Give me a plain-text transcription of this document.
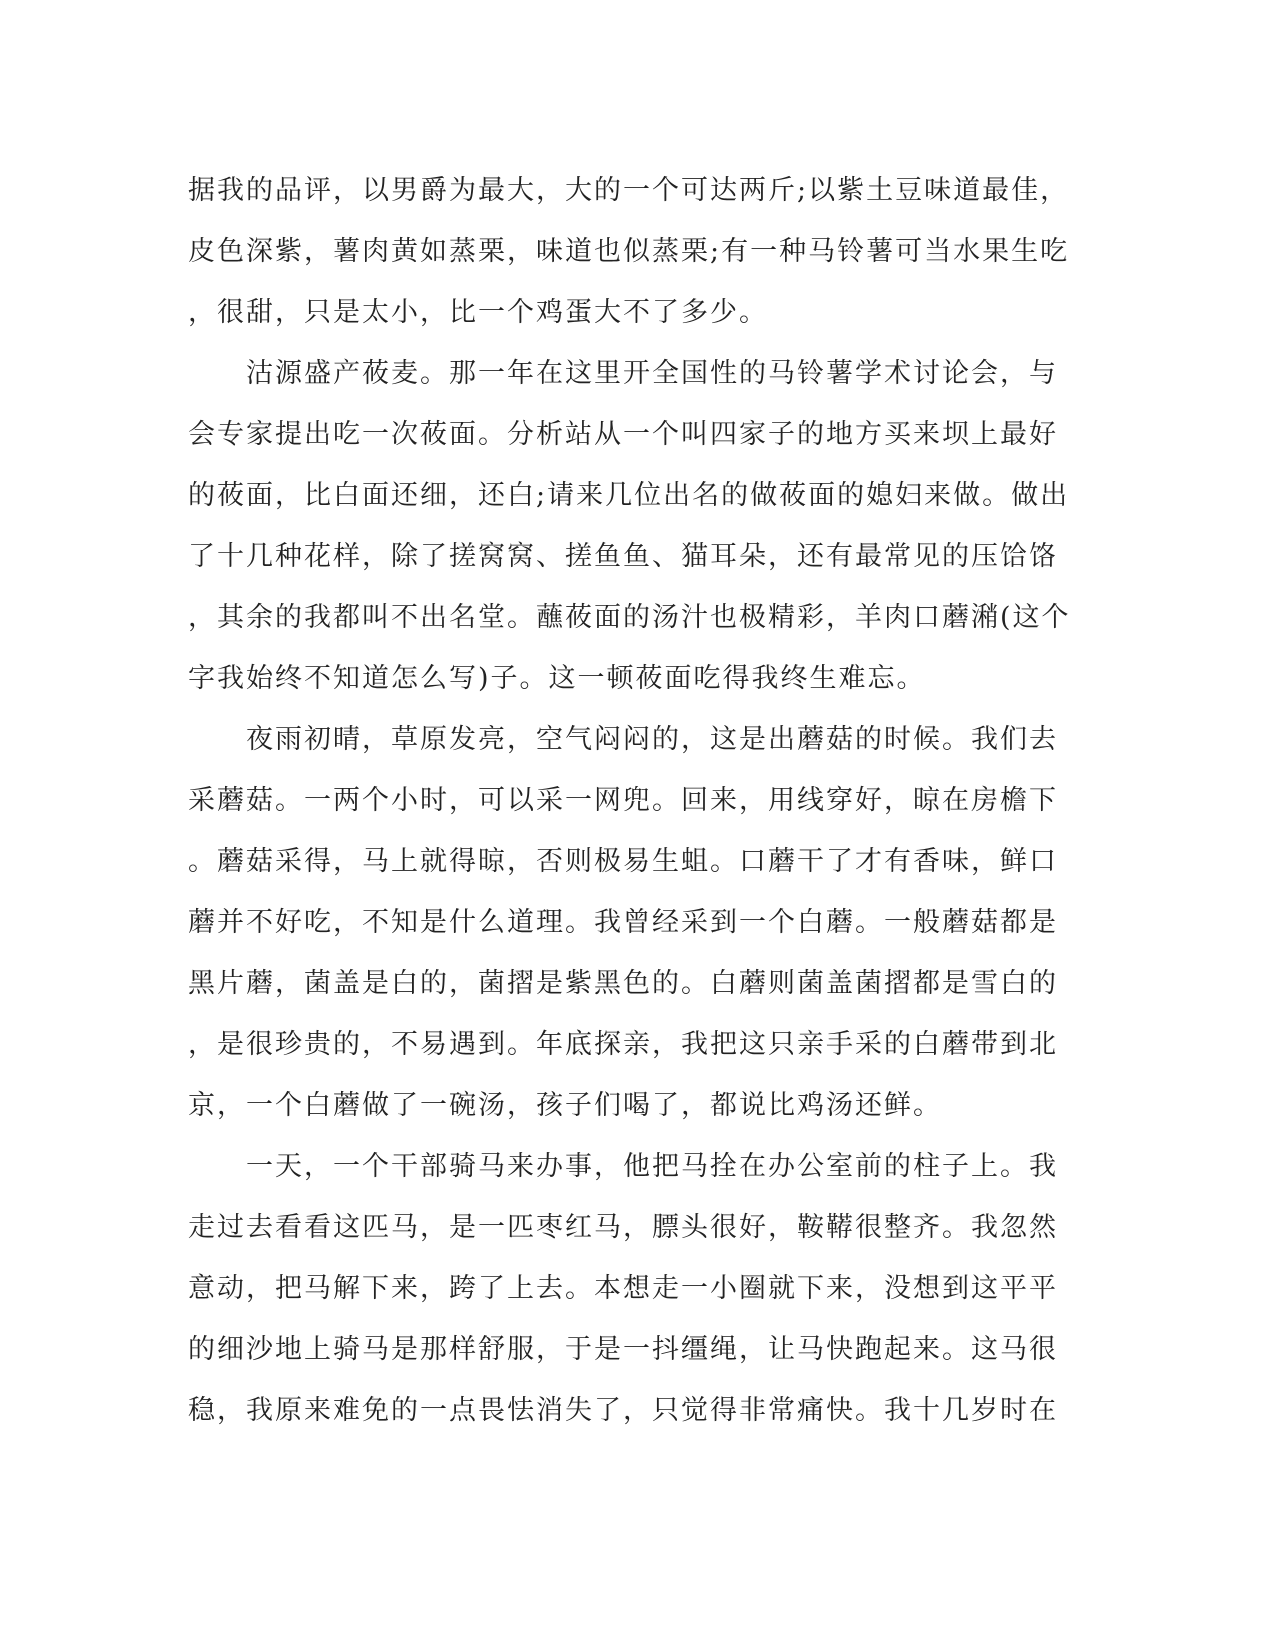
据我的品评，以男爵为最大，大的一个可达两斤;以紫土豆味道最佳，
皮色深紫，薯肉黄如蒸栗，味道也似蒸栗;有一种马铃薯可当水果生吃
，很甜，只是太小，比一个鸡蛋大不了多少。
　　沽源盛产莜麦。那一年在这里开全国性的马铃薯学术讨论会，与
会专家提出吃一次莜面。分析站从一个叫四家子的地方买来坝上最好
的莜面，比白面还细，还白;请来几位出名的做莜面的媳妇来做。做出
了十几种花样，除了搓窝窝、搓鱼鱼、猫耳朵，还有最常见的压饸饹
，其余的我都叫不出名堂。蘸莜面的汤汁也极精彩，羊肉口蘑潲(这个
字我始终不知道怎么写)子。这一顿莜面吃得我终生难忘。
　　夜雨初晴，草原发亮，空气闷闷的，这是出蘑菇的时候。我们去
采蘑菇。一两个小时，可以采一网兜。回来，用线穿好，晾在房檐下
。蘑菇采得，马上就得晾，否则极易生蛆。口蘑干了才有香味，鲜口
蘑并不好吃，不知是什么道理。我曾经采到一个白蘑。一般蘑菇都是
黑片蘑，菌盖是白的，菌摺是紫黑色的。白蘑则菌盖菌摺都是雪白的
，是很珍贵的，不易遇到。年底探亲，我把这只亲手采的白蘑带到北
京，一个白蘑做了一碗汤，孩子们喝了，都说比鸡汤还鲜。
　　一天，一个干部骑马来办事，他把马拴在办公室前的柱子上。我
走过去看看这匹马，是一匹枣红马，膘头很好，鞍鞯很整齐。我忽然
意动，把马解下来，跨了上去。本想走一小圈就下来，没想到这平平
的细沙地上骑马是那样舒服，于是一抖缰绳，让马快跑起来。这马很
稳，我原来难免的一点畏怯消失了，只觉得非常痛快。我十几岁时在
